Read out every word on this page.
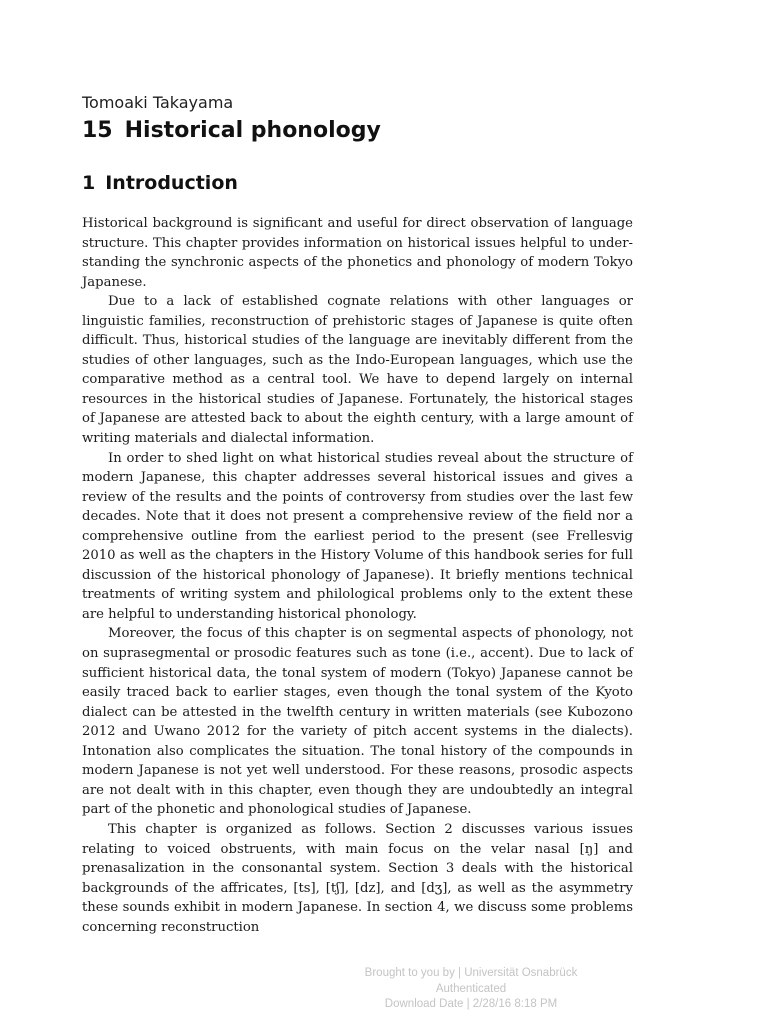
Tomoaki Takayama

15 Historical phonology
1 Introduction

Historical background is significant and useful for direct observation of language structure. This chapter provides information on historical issues helpful to understanding the synchronic aspects of the phonetics and phonology of modern Tokyo Japanese.

Due to a lack of established cognate relations with other languages or linguistic families, reconstruction of prehistoric stages of Japanese is quite often difficult. Thus, historical studies of the language are inevitably different from the studies of other languages, such as the Indo-European languages, which use the comparative method as a central tool. We have to depend largely on internal resources in the historical studies of Japanese. Fortunately, the historical stages of Japanese are attested back to about the eighth century, with a large amount of writing materials and dialectal information.

In order to shed light on what historical studies reveal about the structure of modern Japanese, this chapter addresses several historical issues and gives a review of the results and the points of controversy from studies over the last few decades. Note that it does not present a comprehensive review of the field nor a comprehensive outline from the earliest period to the present (see Frellesvig 2010 as well as the chapters in the History Volume of this handbook series for full discussion of the historical phonology of Japanese). It briefly mentions technical treatments of writing system and philological problems only to the extent these are helpful to understanding historical phonology.

Moreover, the focus of this chapter is on segmental aspects of phonology, not on suprasegmental or prosodic features such as tone (i.e., accent). Due to lack of sufficient historical data, the tonal system of modern (Tokyo) Japanese cannot be easily traced back to earlier stages, even though the tonal system of the Kyoto dialect can be attested in the twelfth century in written materials (see Kubozono 2012 and Uwano 2012 for the variety of pitch accent systems in the dialects). Intonation also complicates the situation. The tonal history of the compounds in modern Japanese is not yet well understood. For these reasons, prosodic aspects are not dealt with in this chapter, even though they are undoubtedly an integral part of the phonetic and phonological studies of Japanese.

This chapter is organized as follows. Section 2 discusses various issues relating to voiced obstruents, with main focus on the velar nasal [ŋ] and prenasalization in the consonantal system. Section 3 deals with the historical backgrounds of the affricates, [ts], [tʃ], [dz], and [dʒ], as well as the asymmetry these sounds exhibit in modern Japanese. In section 4, we discuss some problems concerning reconstruction

Brought to you by | Universität Osnabrück
Authenticated
Download Date | 2/28/16 8:18 PM
